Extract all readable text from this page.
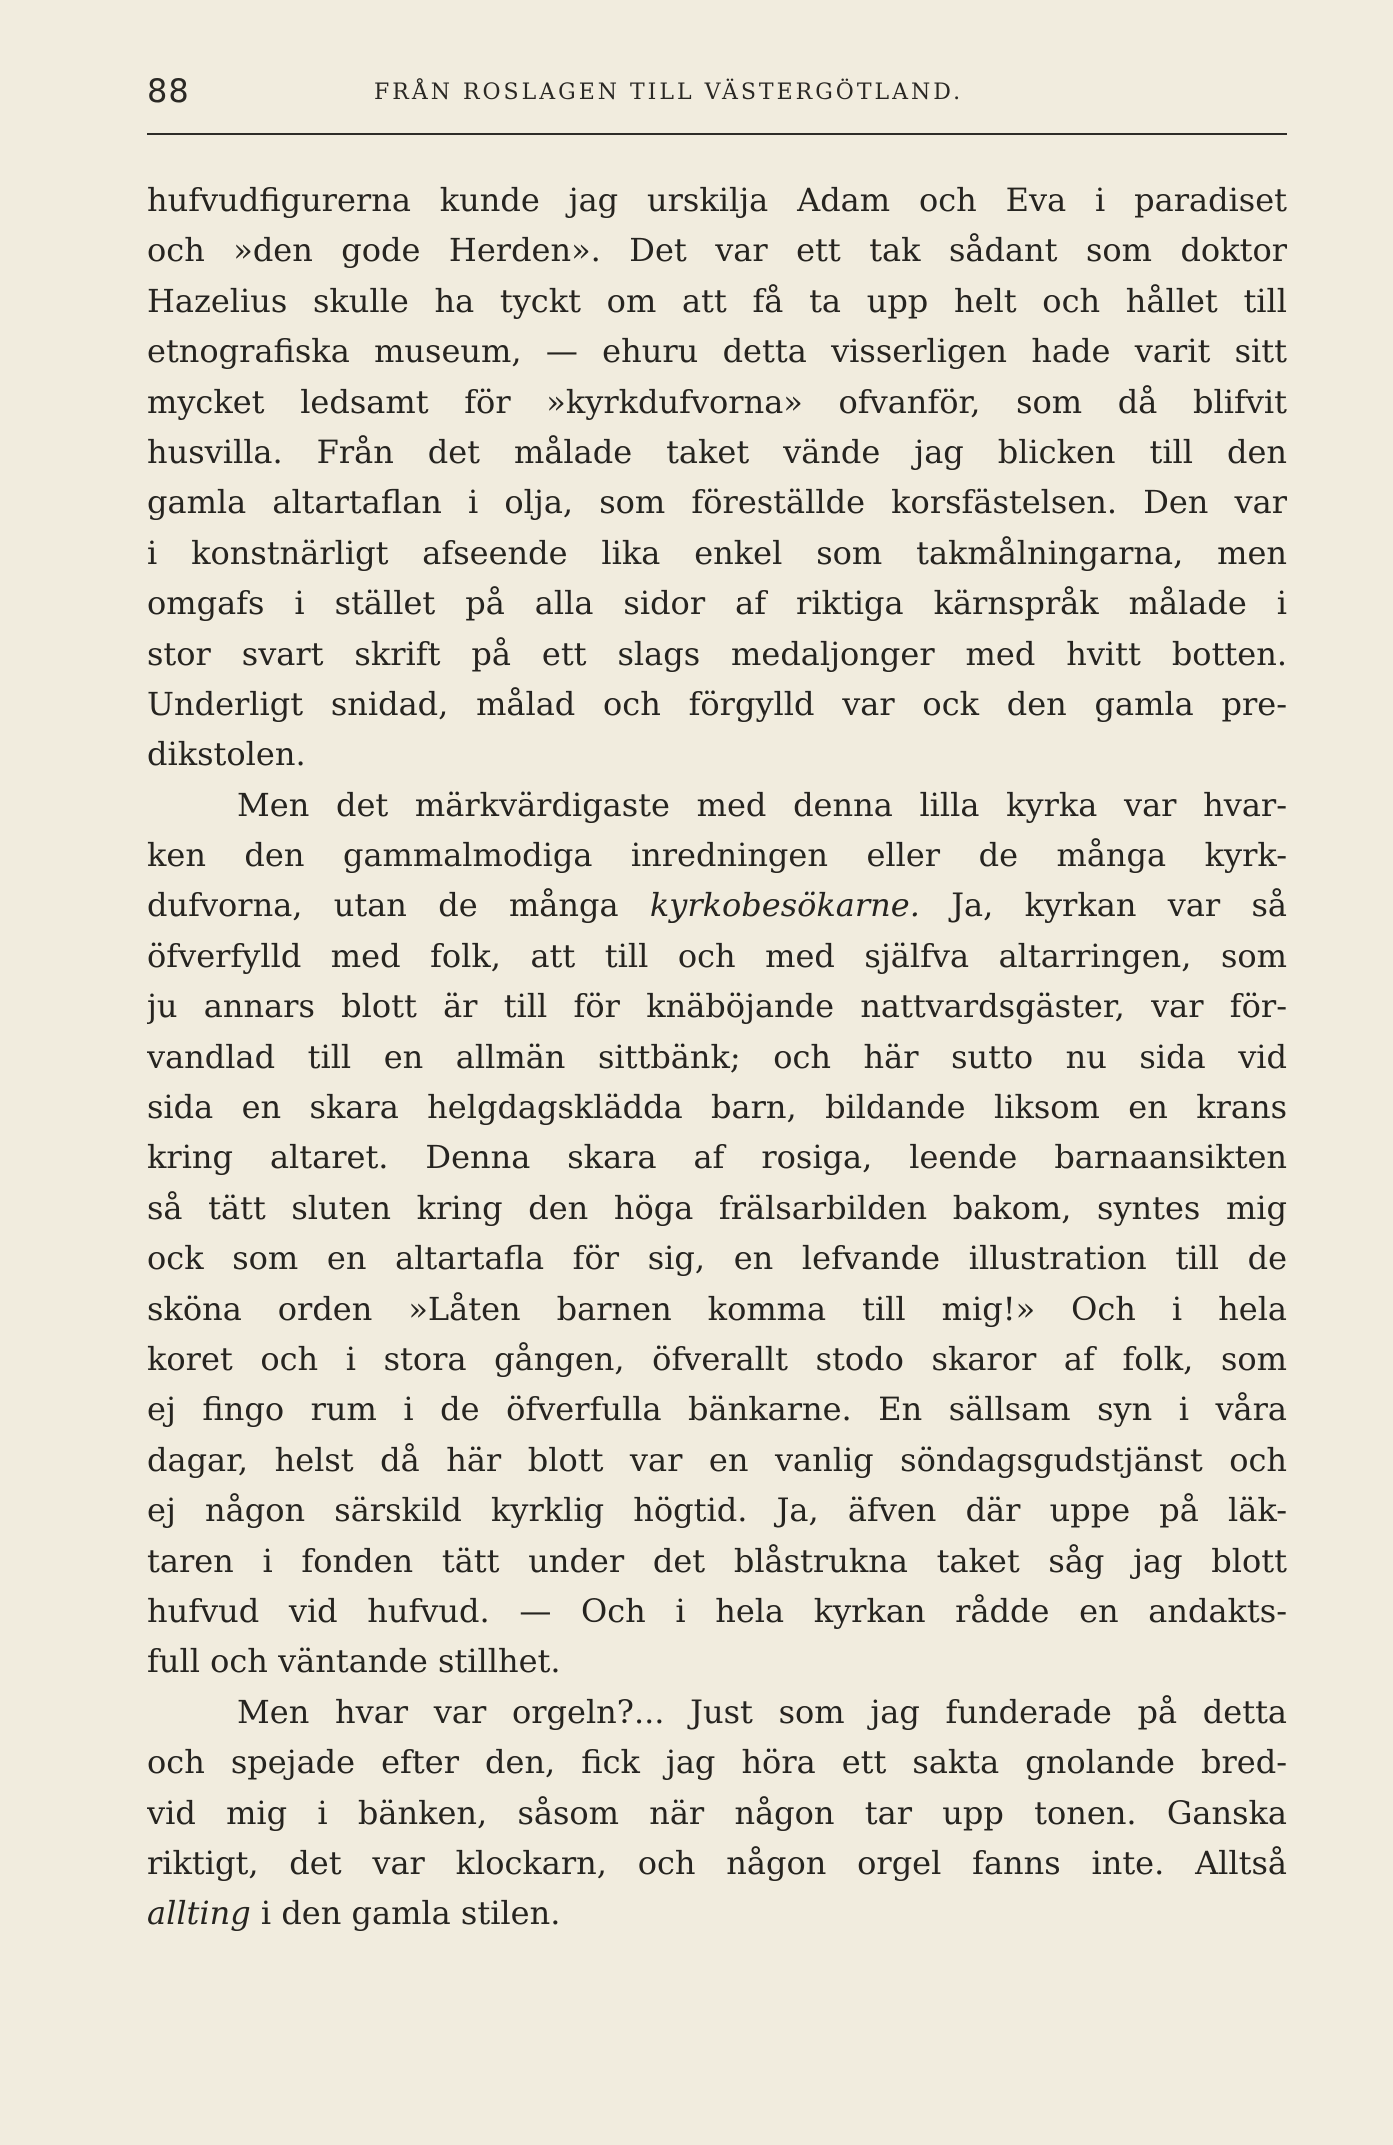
88	FRÅN ROSLAGEN TILL VÄSTERGÖTLAND.
hufvudfigurerna kunde jag urskilja Adam och Eva i paradiset
och »den gode Herden». Det var ett tak sådant som doktor
Hazelius skulle ha tyckt om att få ta upp helt och hållet till
etnografiska museum, — ehuru detta visserligen hade varit sitt
mycket ledsamt för »kyrkdufvorna» ofvanför, som då blifvit
husvilla. Från det målade taket vände jag blicken till den
gamla altartaflan i olja, som föreställde korsfästelsen. Den var
i konstnärligt afseende lika enkel som takmålningarna, men
omgafs i stället på alla sidor af riktiga kärnspråk målade i
stor svart skrift på ett slags medaljonger med hvitt botten.
Underligt snidad, målad och förgylld var ock den gamla pre-
dikstolen.
Men det märkvärdigaste med denna lilla kyrka var hvar-
ken den gammalmodiga inredningen eller de många kyrk-
dufvorna, utan de många kyrkobesökarne. Ja, kyrkan var så
öfverfylld med folk, att till och med själfva altarringen, som
ju annars blott är till för knäböjande nattvardsgäster, var för-
vandlad till en allmän sittbänk; och här sutto nu sida vid
sida en skara helgdagsklädda barn, bildande liksom en krans
kring altaret. Denna skara af rosiga, leende barnaansikten
så tätt sluten kring den höga frälsarbilden bakom, syntes mig
ock som en altartafla för sig, en lefvande illustration till de
sköna orden »Låten barnen komma till mig!» Och i hela
koret och i stora gången, öfverallt stodo skaror af folk, som
ej fingo rum i de öfverfulla bänkarne. En sällsam syn i våra
dagar, helst då här blott var en vanlig söndagsgudstjänst och
ej någon särskild kyrklig högtid. Ja, äfven där uppe på läk-
taren i fonden tätt under det blåstrukna taket såg jag blott
hufvud vid hufvud. — Och i hela kyrkan rådde en andakts-
full och väntande stillhet.
Men hvar var orgeln?... Just som jag funderade på detta
och spejade efter den, fick jag höra ett sakta gnolande bred-
vid mig i bänken, såsom när någon tar upp tonen. Ganska
riktigt, det var klockarn, och någon orgel fanns inte. Alltså
allting i den gamla stilen.
